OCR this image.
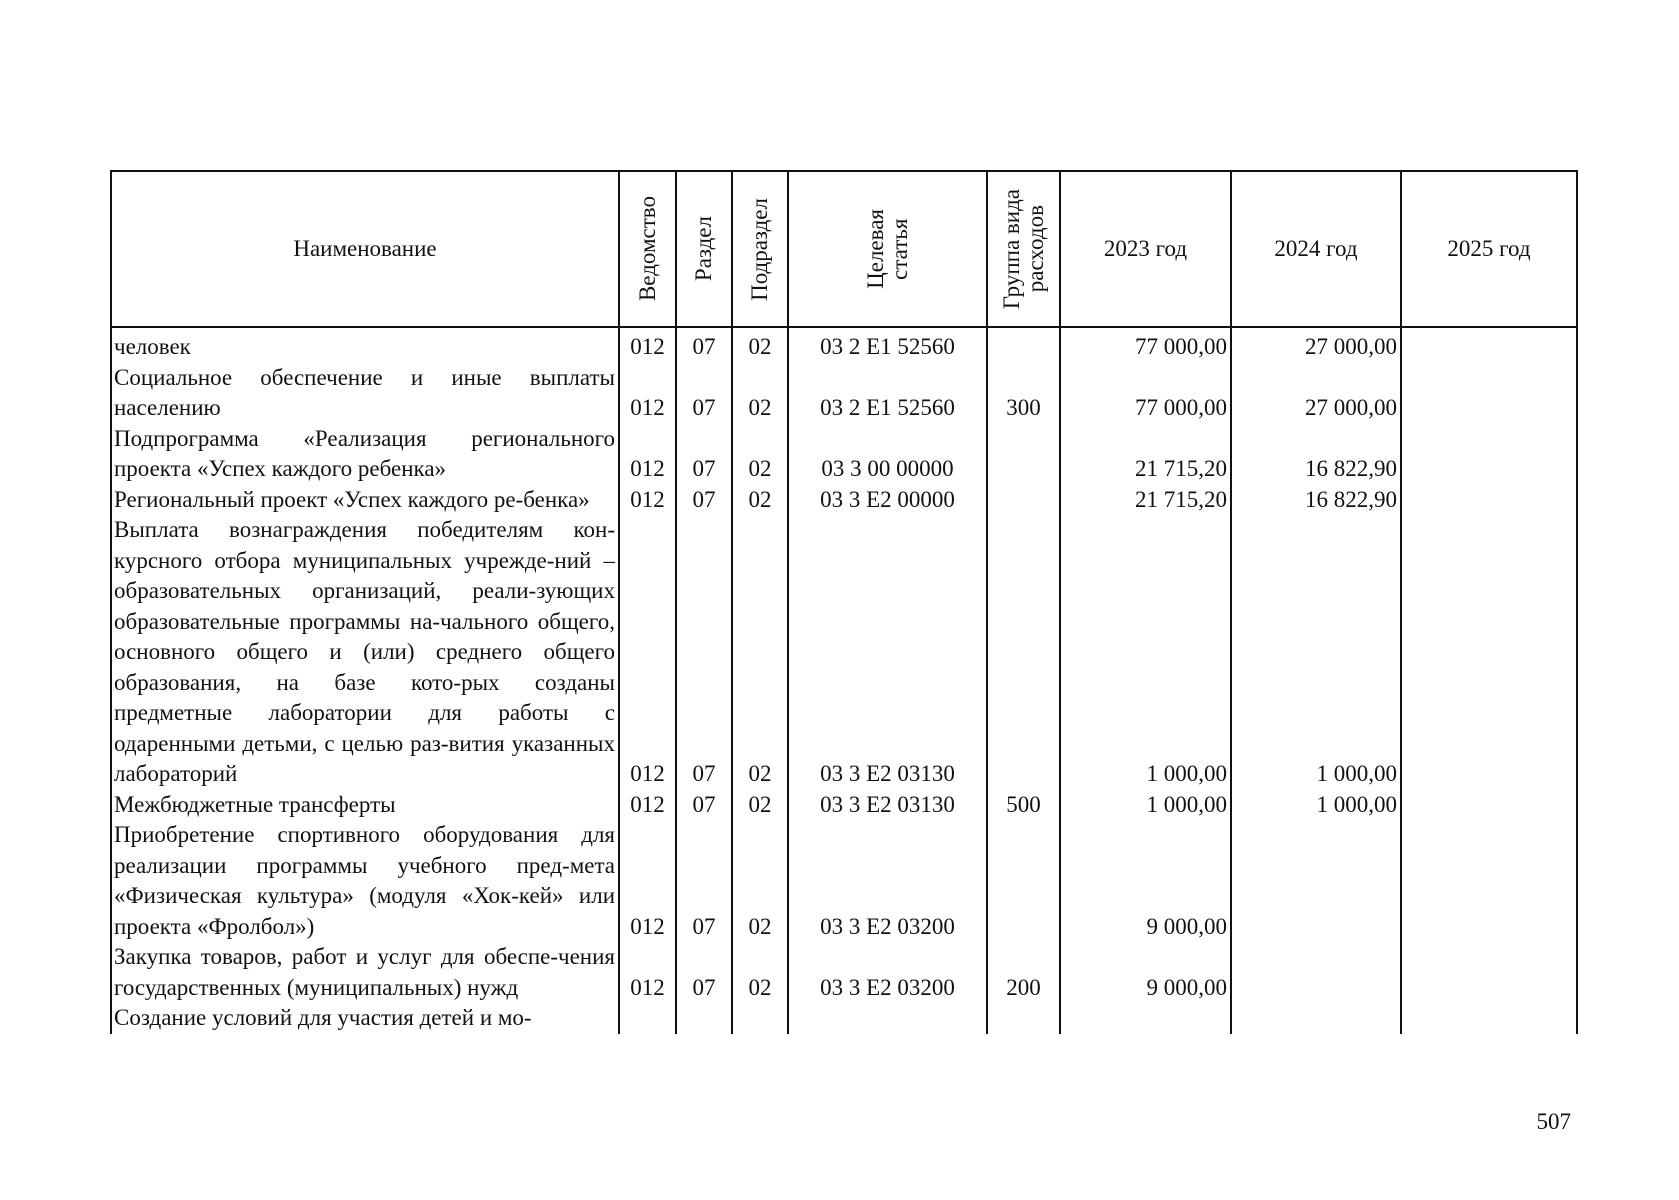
Наименование	Ведомство	Раздел	Подраздел	Целевая статья	Группа вида расходов	2023 год	2024 год	2025 год
человек	012	07	02	03 2 Е1 52560		77 000,00	27 000,00	
Социальное обеспечение и иные выплаты населению	012	07	02	03 2 Е1 52560	300	77 000,00	27 000,00	
Подпрограмма «Реализация регионального проекта «Успех каждого ребенка»	012	07	02	03 3 00 00000		21 715,20	16 822,90	
Региональный проект «Успех каждого ре-бенка»	012	07	02	03 3 Е2 00000		21 715,20	16 822,90	
Выплата вознаграждения победителям кон-курсного отбора муниципальных учрежде-ний – образовательных организаций, реали-зующих образовательные программы на-чального общего, основного общего и (или) среднего общего образования, на базе кото-рых созданы предметные лаборатории для работы с одаренными детьми, с целью раз-вития указанных лабораторий	012	07	02	03 3 Е2 03130		1 000,00	1 000,00	
Межбюджетные трансферты	012	07	02	03 3 Е2 03130	500	1 000,00	1 000,00	
Приобретение спортивного оборудования для реализации программы учебного пред-мета «Физическая культура» (модуля «Хок-кей» или проекта «Фролбол»)	012	07	02	03 3 Е2 03200		9 000,00		
Закупка товаров, работ и услуг для обеспе-чения государственных (муниципальных) нужд	012	07	02	03 3 Е2 03200	200	9 000,00		
Создание условий для участия детей и мо-								
507
